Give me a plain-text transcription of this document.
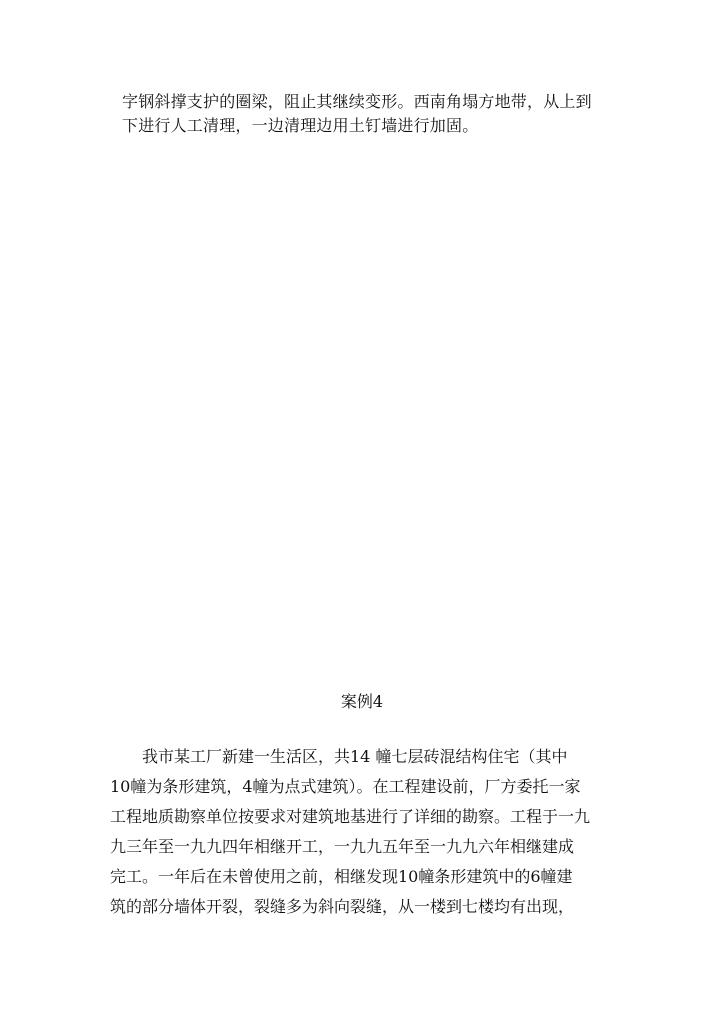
字钢斜撑支护的圈梁，阻止其继续变形。西南角塌方地带，从上到
下进行人工清理，一边清理边用土钉墙进行加固。
案例4
　　我市某工厂新建一生活区，共14 幢七层砖混结构住宅（其中
10幢为条形建筑，4幢为点式建筑）。在工程建设前，厂方委托一家
工程地质勘察单位按要求对建筑地基进行了详细的勘察。工程于一九
九三年至一九九四年相继开工，一九九五年至一九九六年相继建成
完工。一年后在未曾使用之前，相继发现10幢条形建筑中的6幢建
筑的部分墙体开裂，裂缝多为斜向裂缝，从一楼到七楼均有出现，
